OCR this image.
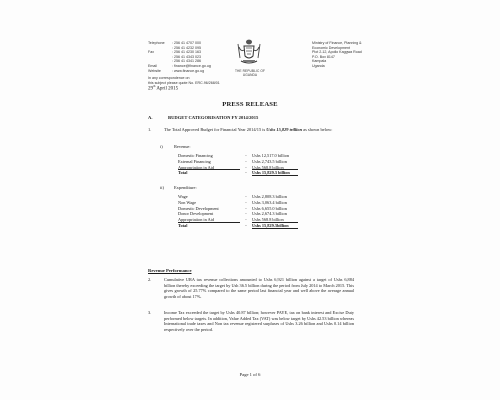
Telephone	: 256 41 4707 000
: 256 41 4232 095
Fax	: 256 41 4230 163
: 256 41 4343 023
: 256 41 4341 286
Email	: finance@finance.go.ug
Website	: www.finance.go.ug
In any correspondence on
this subject please quote No. ERC.96/268/01
THE REPUBLIC OF UGANDA
Ministry of Finance, Planning &
Economic Development
Plot 2-12, Apollo Kaggwa Road
P.O. Box 8147
Kampala
Uganda
29th April 2015
PRESS RELEASE
A.	BUDGET CATEGORISATION FY 2014/2015
1.	The Total Approved Budget for Financial Year 2014/15 is Ushs 15,829 trillion as shown below:
i)	Revenue:
Domestic Financing	-	Ushs 12,517.0 billion
External Financing	-	Ushs 2,743.5 billion
Appropriation in Aid	-	Ushs 568.8 billion
Total	-	Ushs 15,829.3 billion
ii)	Expenditure:
Wage	-	Ushs 2,808.3 billion
Non Wage	-	Ushs 3,063.4 billion
Domestic Development	-	Ushs 6,655.0 billion
Donor Development	-	Ushs 2,674.3 billion
Appropriation in Aid	-	Ushs 568.8 billion
Total	-	Ushs 15,829.3billion
Revenue Performance
2.	Cumulative URA tax revenue collections amounted to Ushs 6,921 billion against a target of Ushs 6,884 billion thereby exceeding the target by Ush 36.5 billion during the period from July 2014 to March 2015. This gives growth of 25.77% compared to the same period last financial year and well above the average annual growth of about 17%.
3.	Income Tax exceeded the target by Ushs 40.87 billion; however PAYE, tax on bank interest and Excise Duty performed below targets. In addition, Value Added Tax (VAT) was below target by Ushs 42.53 billion whereas International trade taxes and Non tax revenue registered surpluses of Ushs 3.26 billion and Ushs 0.14 billion respectively over the period.
Page 1 of 6
